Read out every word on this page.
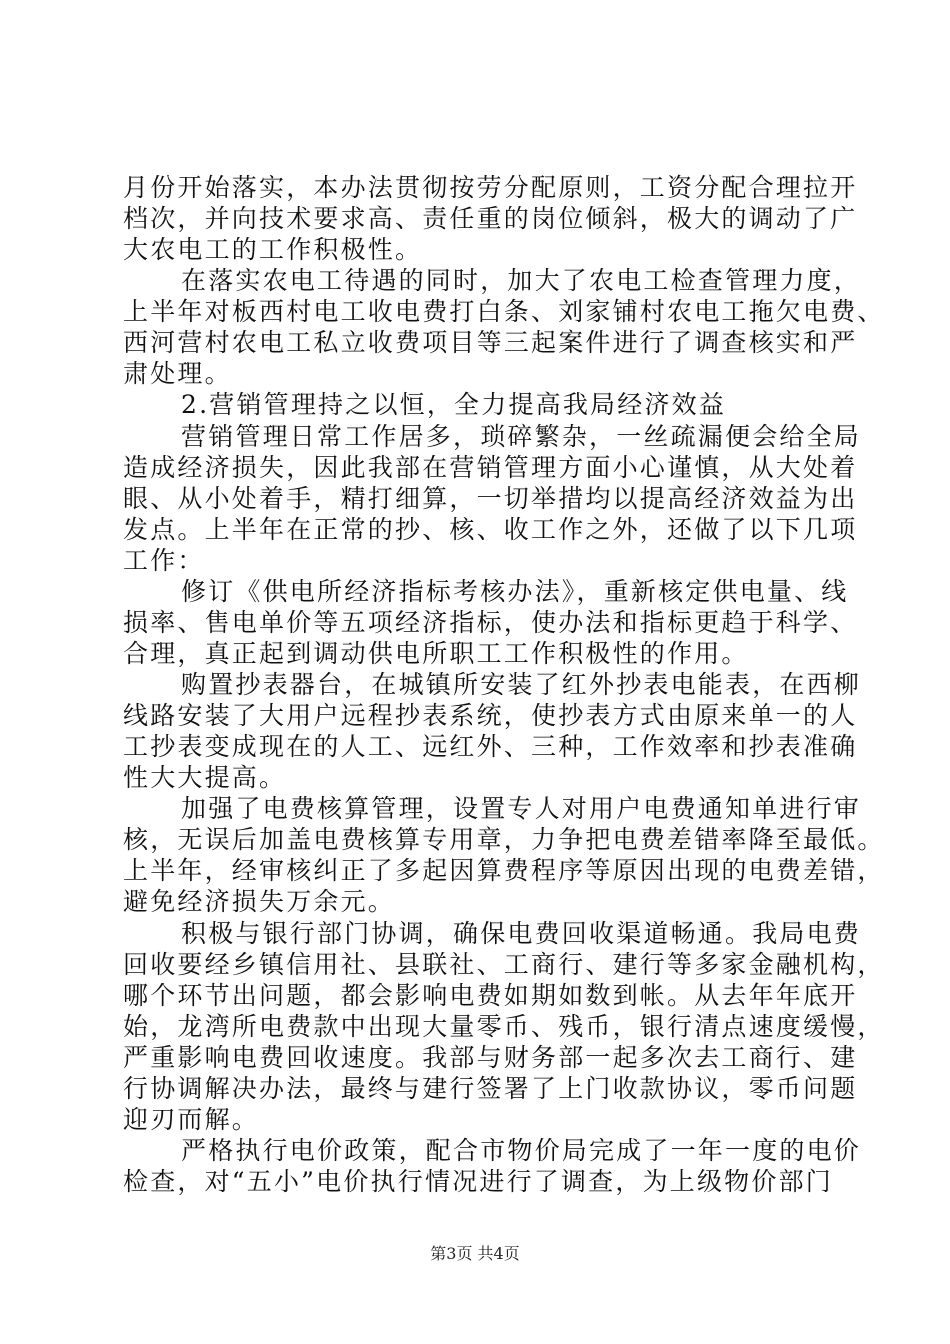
月份开始落实，本办法贯彻按劳分配原则，工资分配合理拉开
档次，并向技术要求高、责任重的岗位倾斜，极大的调动了广
大农电工的工作积极性。
在落实农电工待遇的同时，加大了农电工检查管理力度，
上半年对板西村电工收电费打白条、刘家铺村农电工拖欠电费、
西河营村农电工私立收费项目等三起案件进行了调查核实和严
肃处理。
2.营销管理持之以恒，全力提高我局经济效益
营销管理日常工作居多，琐碎繁杂，一丝疏漏便会给全局
造成经济损失，因此我部在营销管理方面小心谨慎，从大处着
眼、从小处着手，精打细算，一切举措均以提高经济效益为出
发点。上半年在正常的抄、核、收工作之外，还做了以下几项
工作：
修订《供电所经济指标考核办法》，重新核定供电量、线
损率、售电单价等五项经济指标，使办法和指标更趋于科学、
合理，真正起到调动供电所职工工作积极性的作用。
购置抄表器台，在城镇所安装了红外抄表电能表，在西柳
线路安装了大用户远程抄表系统，使抄表方式由原来单一的人
工抄表变成现在的人工、远红外、三种，工作效率和抄表准确
性大大提高。
加强了电费核算管理，设置专人对用户电费通知单进行审
核，无误后加盖电费核算专用章，力争把电费差错率降至最低。
上半年，经审核纠正了多起因算费程序等原因出现的电费差错，
避免经济损失万余元。
积极与银行部门协调，确保电费回收渠道畅通。我局电费
回收要经乡镇信用社、县联社、工商行、建行等多家金融机构，
哪个环节出问题，都会影响电费如期如数到帐。从去年年底开
始，龙湾所电费款中出现大量零币、残币，银行清点速度缓慢，
严重影响电费回收速度。我部与财务部一起多次去工商行、建
行协调解决办法，最终与建行签署了上门收款协议，零币问题
迎刃而解。
严格执行电价政策，配合市物价局完成了一年一度的电价
检查，对“五小”电价执行情况进行了调查，为上级物价部门
第3页 共4页
